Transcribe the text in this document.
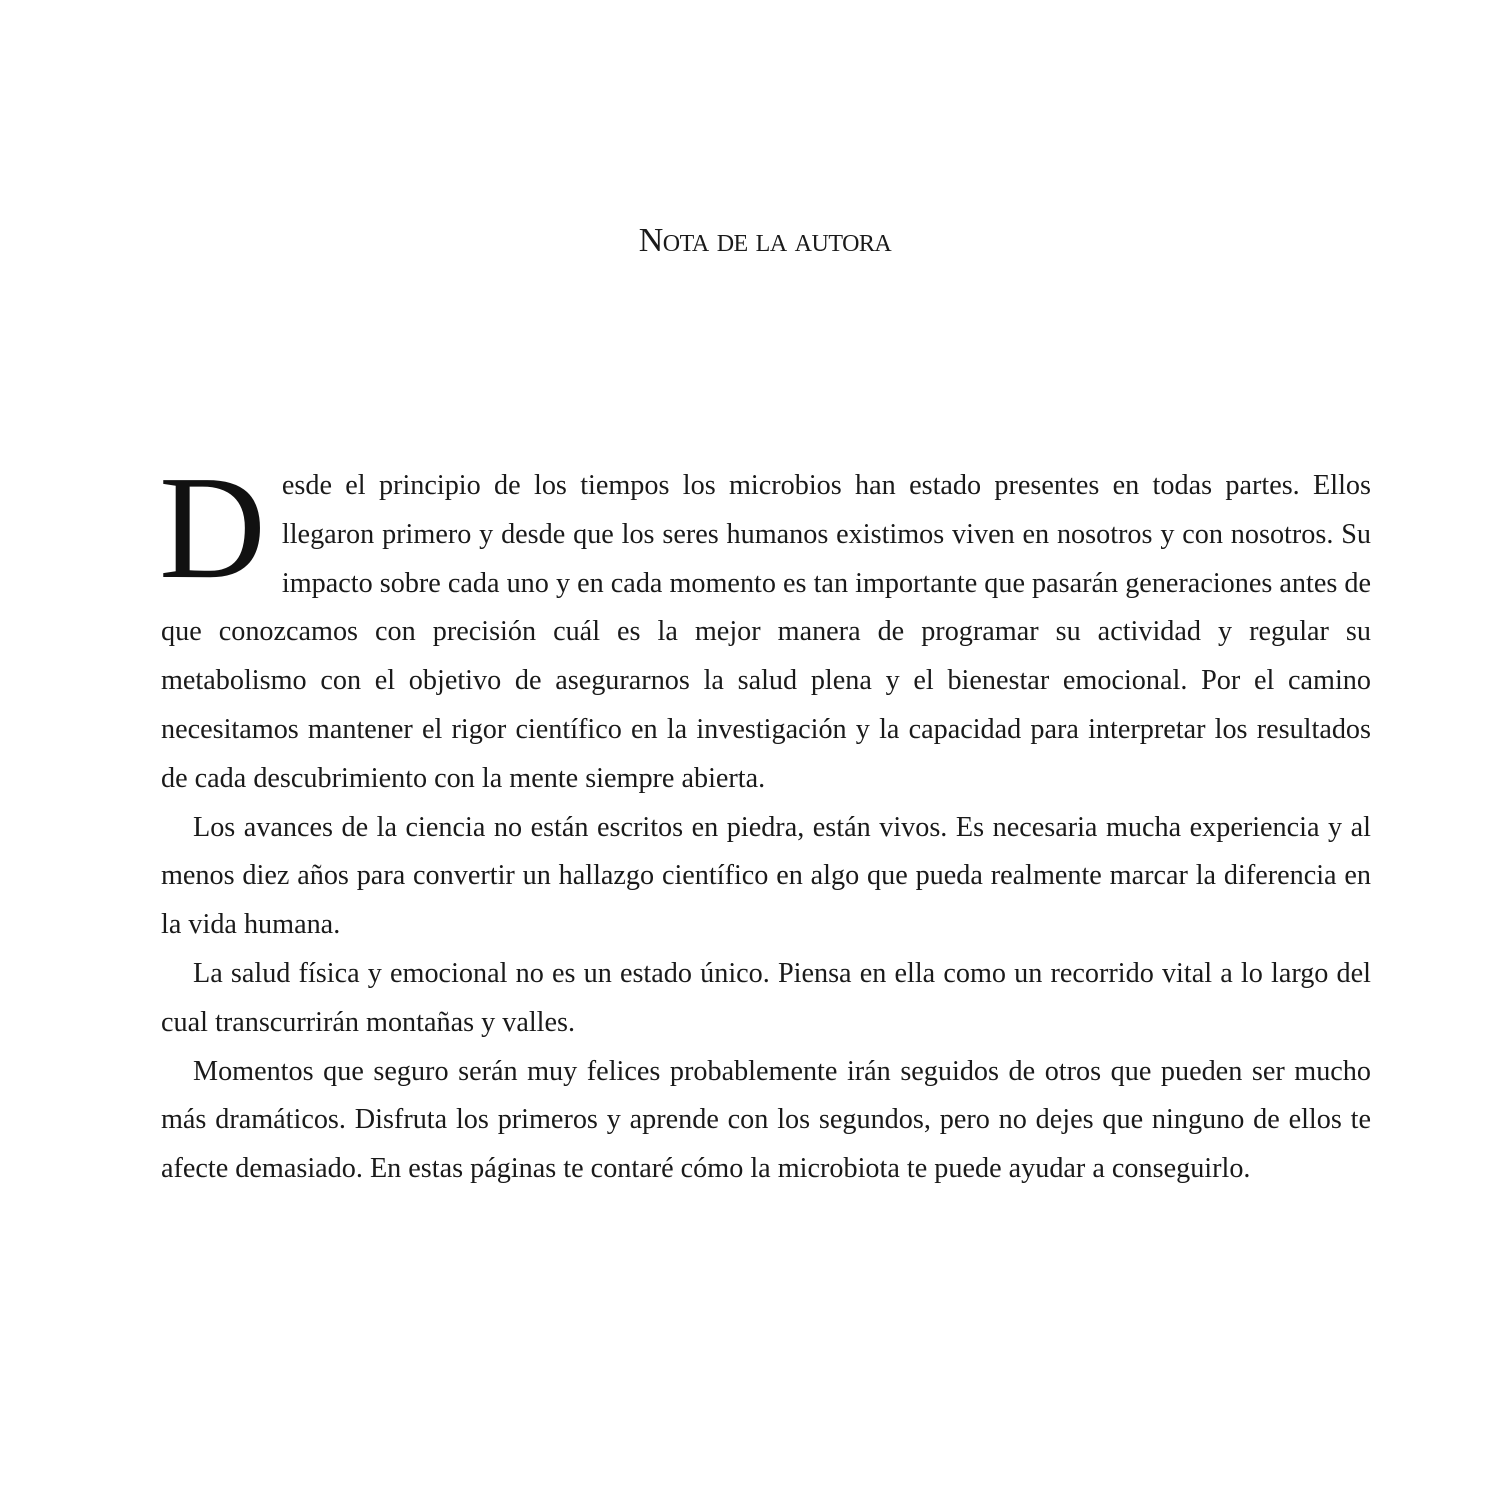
Nota de la autora

Desde el principio de los tiempos los microbios han estado presentes en todas partes. Ellos llegaron primero y desde que los seres humanos existimos viven en nosotros y con nosotros. Su impacto sobre cada uno y en cada momento es tan importante que pasarán generaciones antes de que conozcamos con precisión cuál es la mejor manera de programar su actividad y regular su metabolismo con el objetivo de asegurarnos la salud plena y el bienestar emocional. Por el camino necesitamos mantener el rigor científico en la investigación y la capacidad para interpretar los resultados de cada descubrimiento con la mente siempre abierta.

Los avances de la ciencia no están escritos en piedra, están vivos. Es necesaria mucha experiencia y al menos diez años para convertir un hallazgo científico en algo que pueda realmente marcar la diferencia en la vida humana.

La salud física y emocional no es un estado único. Piensa en ella como un recorrido vital a lo largo del cual transcurrirán montañas y valles.

Momentos que seguro serán muy felices probablemente irán seguidos de otros que pueden ser mucho más dramáticos. Disfruta los primeros y aprende con los segundos, pero no dejes que ninguno de ellos te afecte demasiado. En estas páginas te contaré cómo la microbiota te puede ayudar a conseguirlo.
